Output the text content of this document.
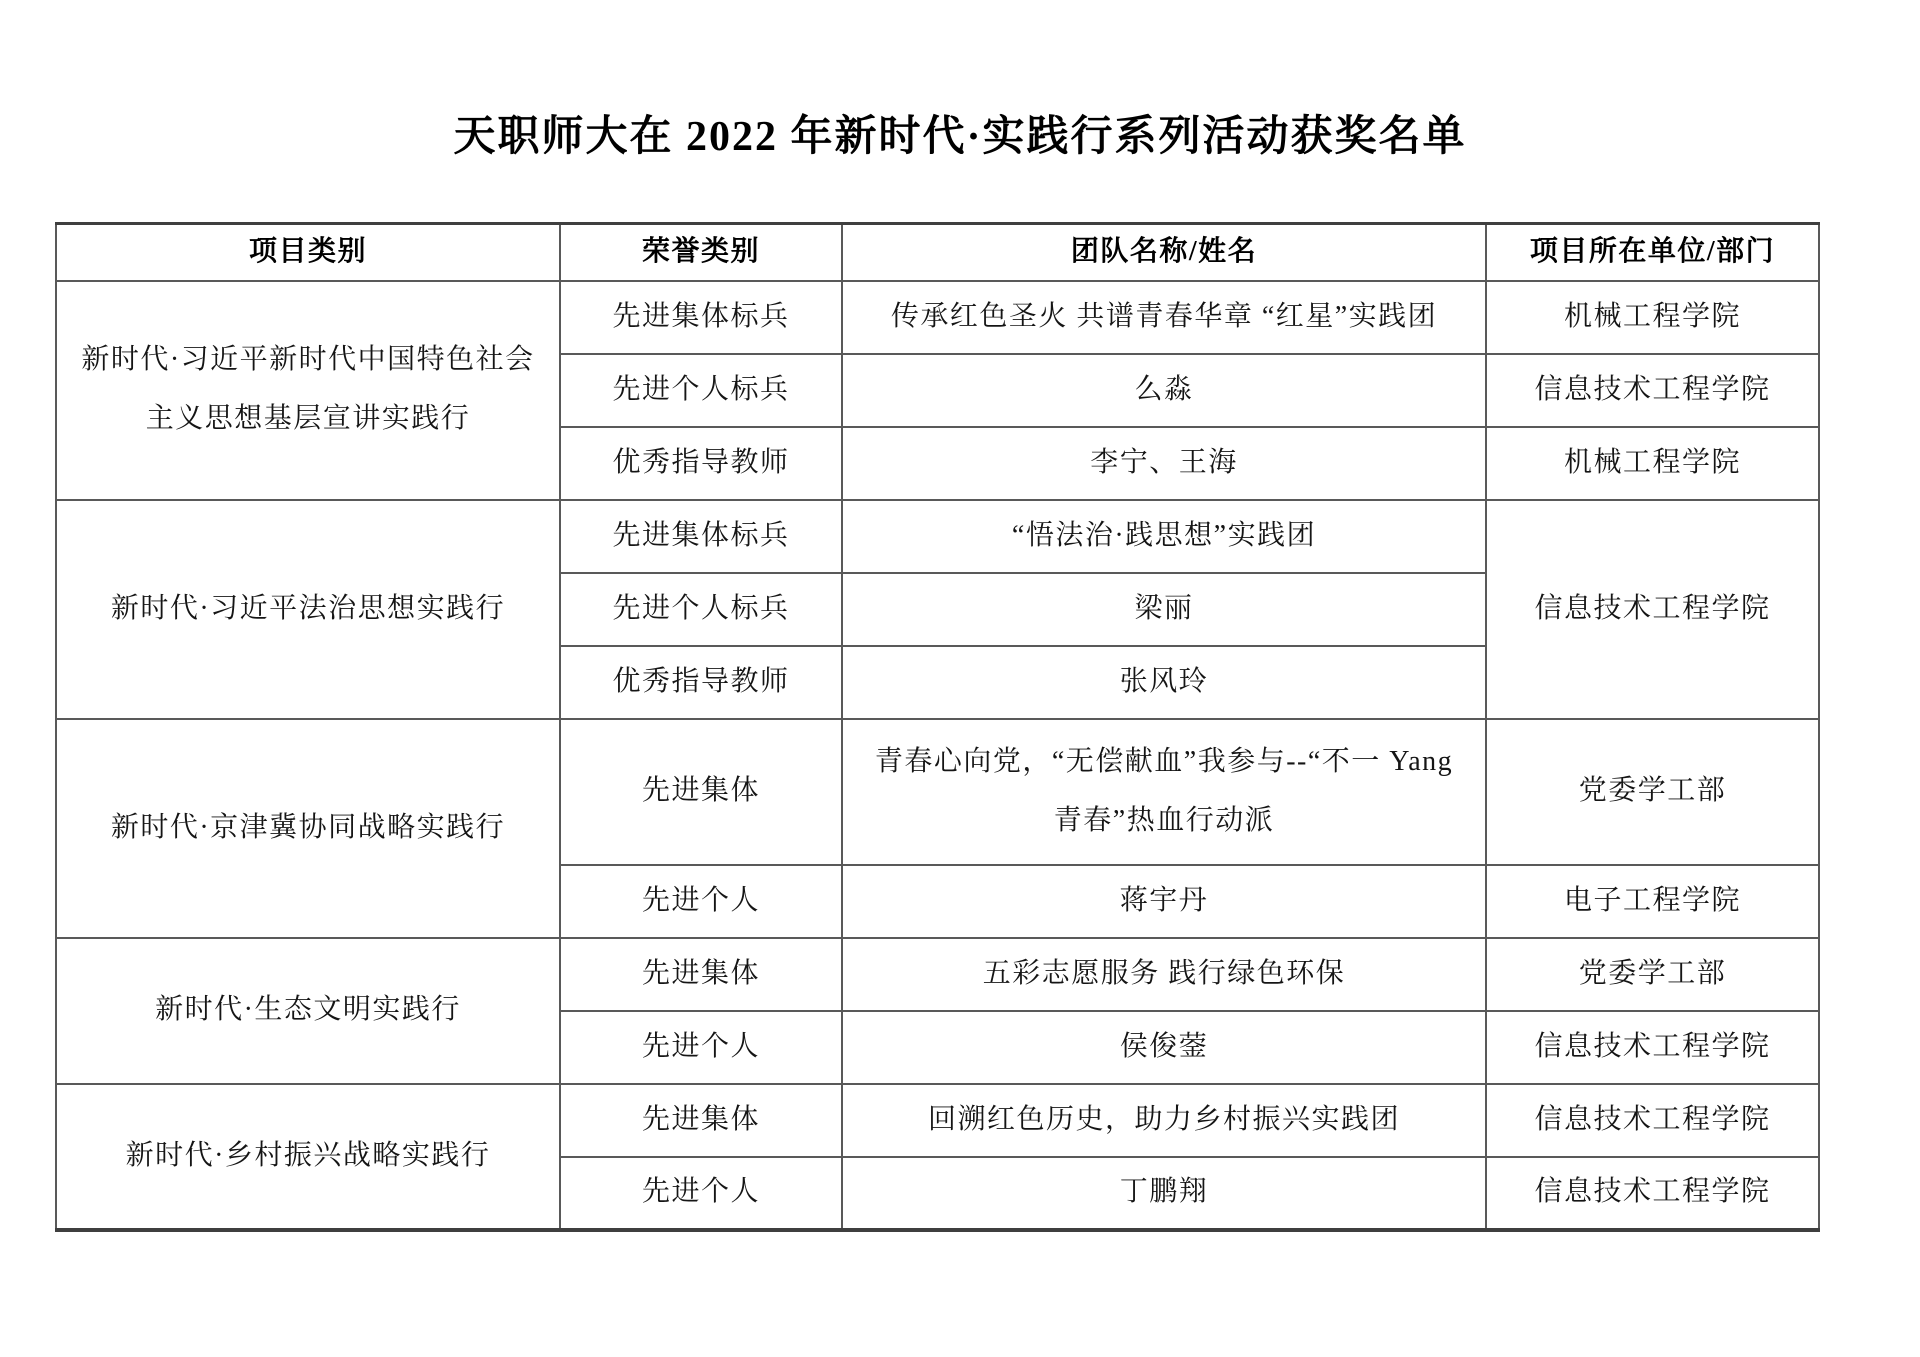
天职师大在 2022 年新时代·实践行系列活动获奖名单
项目类别	荣誉类别	团队名称/姓名	项目所在单位/部门
新时代·习近平新时代中国特色社会主义思想基层宣讲实践行	先进集体标兵	传承红色圣火 共谱青春华章 “红星”实践团	机械工程学院
	先进个人标兵	么淼	信息技术工程学院
	优秀指导教师	李宁、王海	机械工程学院
新时代·习近平法治思想实践行	先进集体标兵	“悟法治·践思想”实践团	信息技术工程学院
	先进个人标兵	梁丽	
	优秀指导教师	张风玲	
新时代·京津冀协同战略实践行	先进集体	青春心向党，“无偿献血”我参与--“不一 Yang 青春”热血行动派	党委学工部
	先进个人	蒋宇丹	电子工程学院
新时代·生态文明实践行	先进集体	五彩志愿服务 践行绿色环保	党委学工部
	先进个人	侯俊蓥	信息技术工程学院
新时代·乡村振兴战略实践行	先进集体	回溯红色历史，助力乡村振兴实践团	信息技术工程学院
	先进个人	丁鹏翔	信息技术工程学院
